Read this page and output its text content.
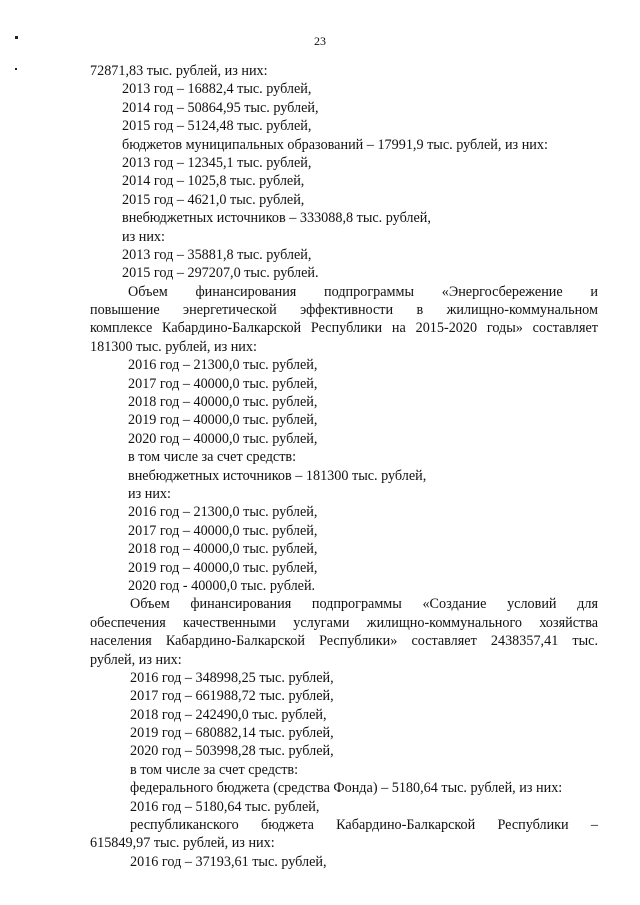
23
72871,83 тыс. рублей, из них:
2013 год – 16882,4 тыс. рублей,
2014 год – 50864,95 тыс. рублей,
2015 год – 5124,48 тыс. рублей,
бюджетов муниципальных образований – 17991,9 тыс. рублей, из них:
2013 год – 12345,1 тыс. рублей,
2014 год – 1025,8 тыс. рублей,
2015 год – 4621,0 тыс. рублей,
внебюджетных источников – 333088,8 тыс. рублей,
из них:
2013 год – 35881,8 тыс. рублей,
2015 год – 297207,0 тыс. рублей.
Объем финансирования подпрограммы «Энергосбережение и
повышение энергетической эффективности в жилищно-коммунальном
комплексе Кабардино-Балкарской Республики на 2015-2020 годы» составляет
181300 тыс. рублей, из них:
2016 год – 21300,0 тыс. рублей,
2017 год – 40000,0 тыс. рублей,
2018 год – 40000,0 тыс. рублей,
2019 год – 40000,0 тыс. рублей,
2020 год – 40000,0 тыс. рублей,
в том числе за счет средств:
внебюджетных источников – 181300 тыс. рублей,
из них:
2016 год – 21300,0 тыс. рублей,
2017 год – 40000,0 тыс. рублей,
2018 год – 40000,0 тыс. рублей,
2019 год – 40000,0 тыс. рублей,
2020 год - 40000,0 тыс. рублей.
Объем финансирования подпрограммы «Создание условий для
обеспечения качественными услугами жилищно-коммунального хозяйства
населения Кабардино-Балкарской Республики» составляет 2438357,41 тыс.
рублей, из них:
2016 год – 348998,25 тыс. рублей,
2017 год – 661988,72 тыс. рублей,
2018 год – 242490,0 тыс. рублей,
2019 год – 680882,14 тыс. рублей,
2020 год – 503998,28 тыс. рублей,
в том числе за счет средств:
федерального бюджета (средства Фонда) – 5180,64 тыс. рублей, из них:
2016 год – 5180,64 тыс. рублей,
республиканского бюджета Кабардино-Балкарской Республики –
615849,97 тыс. рублей, из них:
2016 год – 37193,61 тыс. рублей,
